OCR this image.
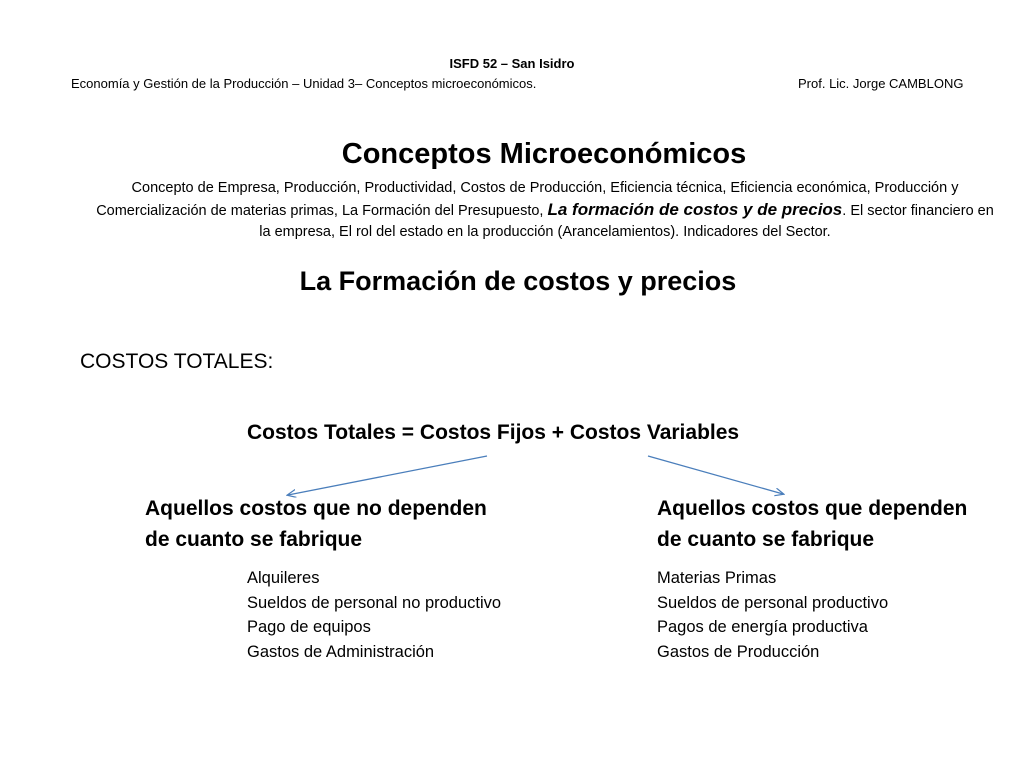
ISFD 52 – San Isidro
Economía y Gestión de la Producción – Unidad 3– Conceptos microeconómicos.	Prof. Lic. Jorge CAMBLONG
Conceptos Microeconómicos
Concepto de Empresa, Producción, Productividad, Costos de Producción, Eficiencia técnica, Eficiencia económica, Producción y Comercialización de materias primas, La Formación del Presupuesto, La formación de costos y de precios. El sector financiero en la empresa, El rol del estado en la producción (Arancelamientos). Indicadores del Sector.
La Formación de costos y precios
COSTOS TOTALES:
Costos Totales = Costos Fijos + Costos Variables
Aquellos costos que no dependen de cuanto se fabrique
Aquellos costos que dependen de cuanto se fabrique
Alquileres
Sueldos de personal no productivo
Pago de equipos
Gastos de Administración
Materias Primas
Sueldos de personal productivo
Pagos de energía productiva
Gastos de Producción
